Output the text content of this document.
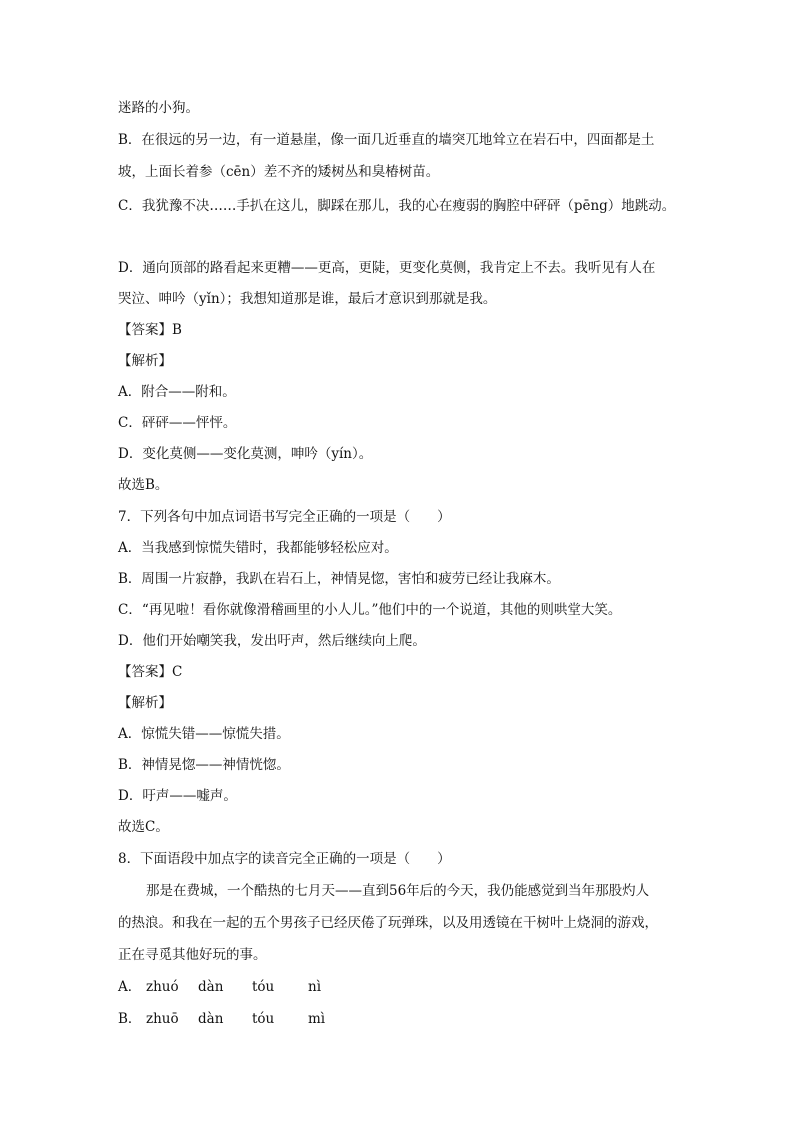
迷路的小狗。
B．在很远的另一边，有一道悬崖，像一面几近垂直的墙突兀地耸立在岩石中，四面都是土
坡，上面长着参（cēn）差不齐的矮树丛和臭椿树苗。
C．我犹豫不决……手扒在这儿，脚踩在那儿，我的心在瘦弱的胸腔中砰砰（pēng）地跳动。
D．通向顶部的路看起来更糟——更高，更陡，更变化莫侧，我肯定上不去。我听见有人在
哭泣、呻吟（yǐn）；我想知道那是谁，最后才意识到那就是我。
【答案】B
【解析】
A．附合——附和。
C．砰砰——怦怦。
D．变化莫侧——变化莫测，呻吟（yín）。
故选B。
7．下列各句中加点词语书写完全正确的一项是（　　）
A．当我感到惊慌失错时，我都能够轻松应对。
B．周围一片寂静，我趴在岩石上，神情晃惚，害怕和疲劳已经让我麻木。
C．“再见啦！看你就像滑稽画里的小人儿。”他们中的一个说道，其他的则哄堂大笑。
D．他们开始嘲笑我，发出吁声，然后继续向上爬。
【答案】C
【解析】
A．惊慌失错——惊慌失措。
B．神情晃惚——神情恍惚。
D．吁声——嘘声。
故选C。
8．下面语段中加点字的读音完全正确的一项是（　　）
那是在费城，一个酷热的七月天——直到56年后的今天，我仍能感觉到当年那股灼人
的热浪。和我在一起的五个男孩子已经厌倦了玩弹珠，以及用透镜在干树叶上烧洞的游戏，
正在寻觅其他好玩的事。
A． zhuó dàn tóu	nì
B． zhuō dàn tóu	mì
